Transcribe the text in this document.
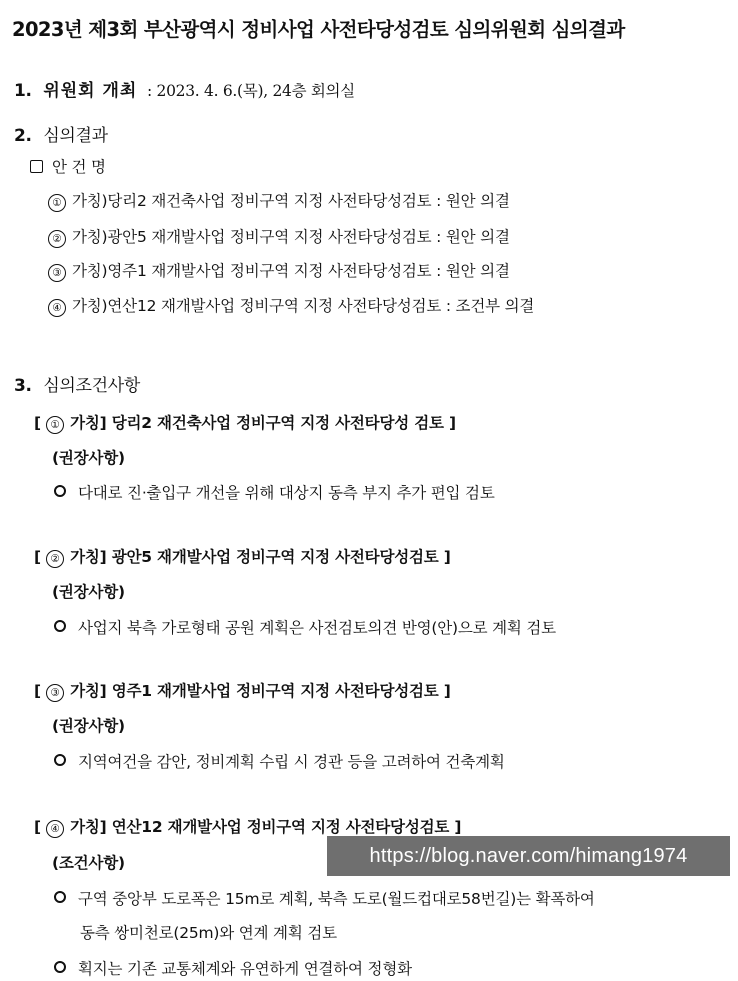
2023년 제3회 부산광역시 정비사업 사전타당성검토 심의위원회 심의결과
1. 위원회 개최 : 2023. 4. 6.(목), 24층 회의실
2. 심의결과
안 건 명
① 가칭)당리2 재건축사업 정비구역 지정 사전타당성검토 : 원안 의결
② 가칭)광안5 재개발사업 정비구역 지정 사전타당성검토 : 원안 의결
③ 가칭)영주1 재개발사업 정비구역 지정 사전타당성검토 : 원안 의결
④ 가칭)연산12 재개발사업 정비구역 지정 사전타당성검토 : 조건부 의결
3. 심의조건사항
[ ① 가칭] 당리2 재건축사업 정비구역 지정 사전타당성 검토 ]
(권장사항)
다대로 진·출입구 개선을 위해 대상지 동측 부지 추가 편입 검토
[ ② 가칭] 광안5 재개발사업 정비구역 지정 사전타당성검토 ]
(권장사항)
사업지 북측 가로형태 공원 계획은 사전검토의견 반영(안)으로 계획 검토
[ ③ 가칭] 영주1 재개발사업 정비구역 지정 사전타당성검토 ]
(권장사항)
지역여건을 감안, 정비계획 수립 시 경관 등을 고려하여 건축계획
[ ④ 가칭] 연산12 재개발사업 정비구역 지정 사전타당성검토 ]
(조건사항)
구역 중앙부 도로폭은 15m로 계획, 북측 도로(월드컵대로58번길)는 확폭하여
동측 쌍미천로(25m)와 연계 계획 검토
획지는 기존 교통체계와 유연하게 연결하여 정형화
https://blog.naver.com/himang1974
